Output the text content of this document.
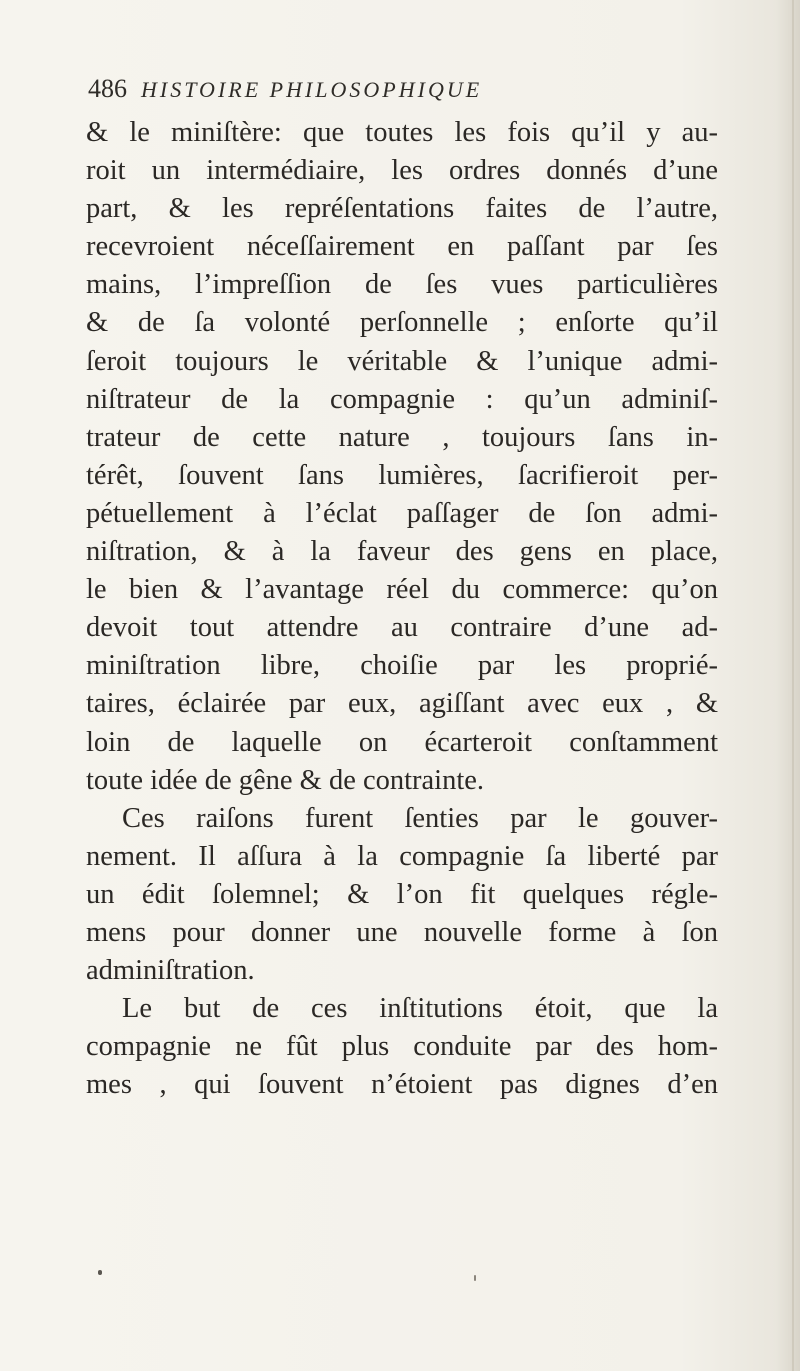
486 HISTOIRE PHILOSOPHIQUE
& le miniſtère: que toutes les fois qu’il y au-
roit un intermédiaire, les ordres donnés d’une
part, & les repréſentations faites de l’autre,
recevroient néceſſairement en paſſant par ſes
mains, l’impreſſion de ſes vues particulières
& de ſa volonté perſonnelle ; enſorte qu’il
ſeroit toujours le véritable & l’unique admi-
niſtrateur de la compagnie : qu’un adminiſ-
trateur de cette nature , toujours ſans in-
térêt, ſouvent ſans lumières, ſacrifieroit per-
pétuellement à l’éclat paſſager de ſon admi-
niſtration, & à la faveur des gens en place,
le bien & l’avantage réel du commerce: qu’on
devoit tout attendre au contraire d’une ad-
miniſtration libre, choiſie par les proprié-
taires, éclairée par eux, agiſſant avec eux , &
loin de laquelle on écarteroit conſtamment
toute idée de gêne & de contrainte.
Ces raiſons furent ſenties par le gouver-
nement. Il aſſura à la compagnie ſa liberté par
un édit ſolemnel; & l’on fit quelques régle-
mens pour donner une nouvelle forme à ſon
adminiſtration.
Le but de ces inſtitutions étoit, que la
compagnie ne fût plus conduite par des hom-
mes , qui ſouvent n’étoient pas dignes d’en
